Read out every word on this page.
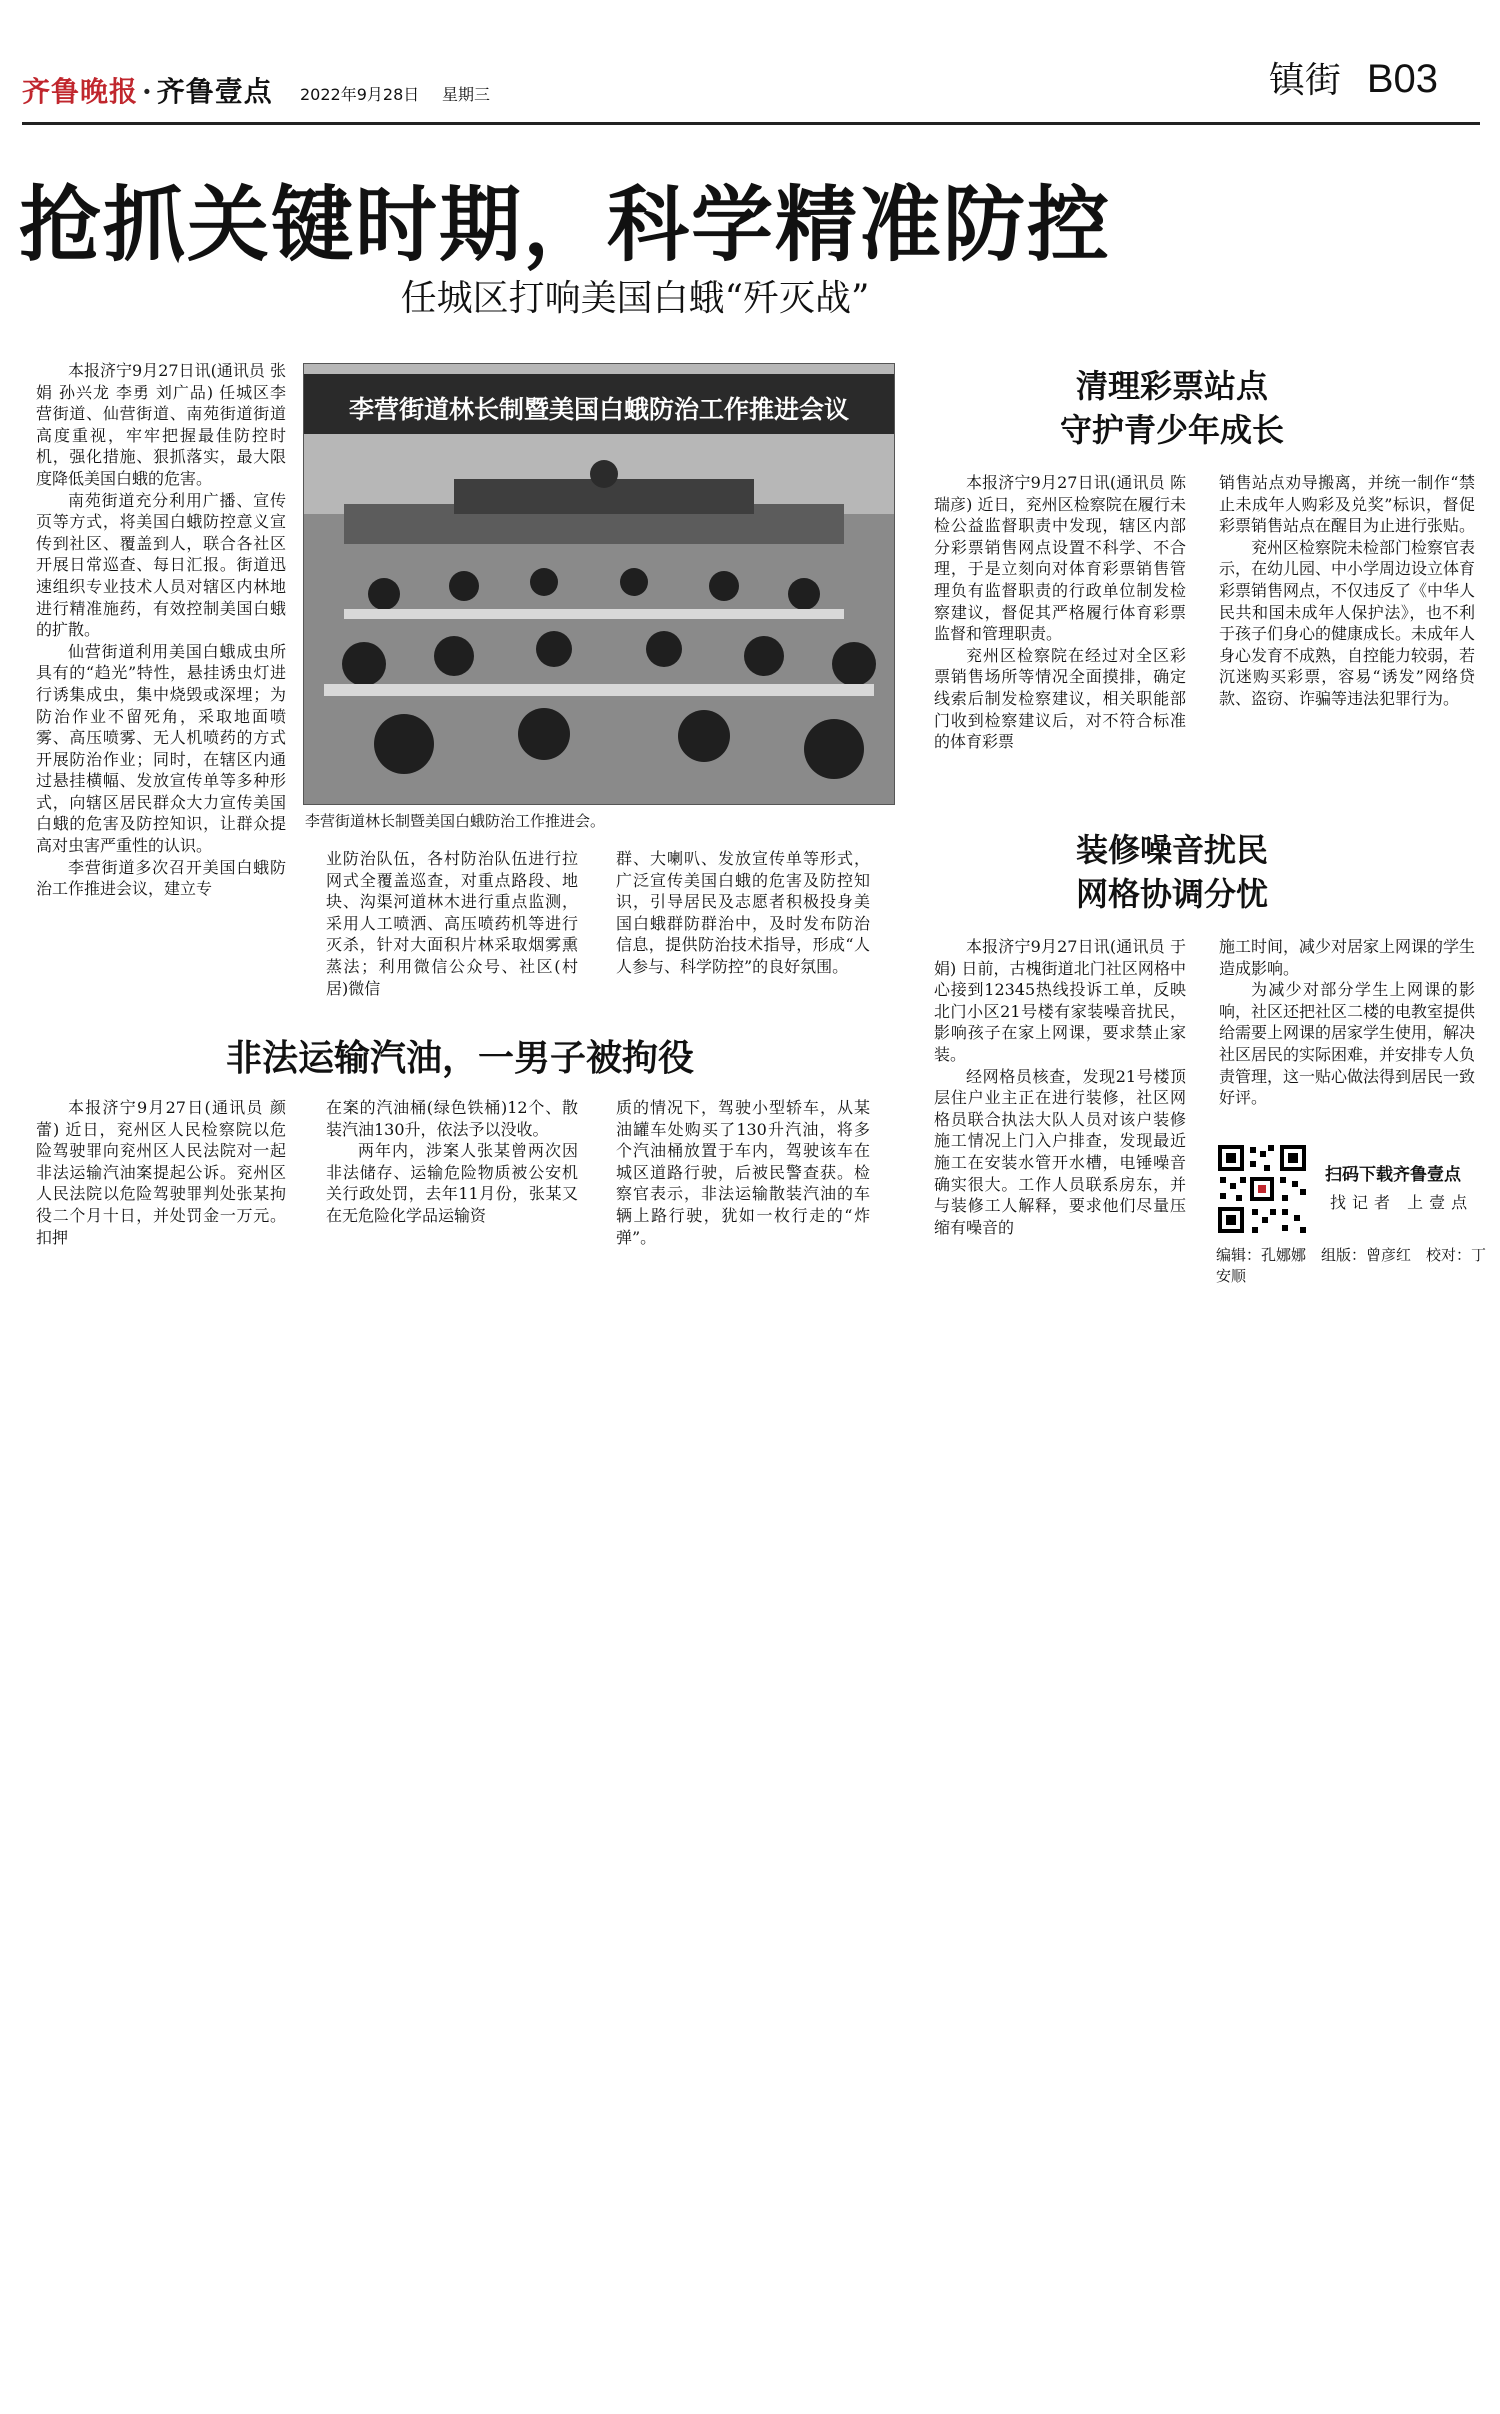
齐鲁晚报 · 齐鲁壹点 2022年9月28日 星期三	镇街 B03
抢抓关键时期，科学精准防控
任城区打响美国白蛾“歼灭战”

本报济宁9月27日讯(通讯员 张娟 孙兴龙 李勇 刘广品) 任城区李营街道、仙营街道、南苑街道街道高度重视，牢牢把握最佳防控时机，强化措施、狠抓落实，最大限度降低美国白蛾的危害。

南苑街道充分利用广播、宣传页等方式，将美国白蛾防控意义宣传到社区、覆盖到人，联合各社区开展日常巡查、每日汇报。街道迅速组织专业技术人员对辖区内林地进行精准施药，有效控制美国白蛾的扩散。

仙营街道利用美国白蛾成虫所具有的“趋光”特性，悬挂诱虫灯进行诱集成虫，集中烧毁或深埋；为防治作业不留死角，采取地面喷雾、高压喷雾、无人机喷药的方式开展防治作业；同时，在辖区内通过悬挂横幅、发放宣传单等多种形式，向辖区居民群众大力宣传美国白蛾的危害及防控知识，让群众提高对虫害严重性的认识。

李营街道多次召开美国白蛾防治工作推进会议，建立专

李营街道林长制暨美国白蛾防治工作推进会议
李营街道林长制暨美国白蛾防治工作推进会。

业防治队伍，各村防治队伍进行拉网式全覆盖巡查，对重点路段、地块、沟渠河道林木进行重点监测，采用人工喷洒、高压喷药机等进行灭杀，针对大面积片林采取烟雾熏蒸法；利用微信公众号、社区(村居)微信

群、大喇叭、发放宣传单等形式，广泛宣传美国白蛾的危害及防控知识，引导居民及志愿者积极投身美国白蛾群防群治中，及时发布防治信息，提供防治技术指导，形成“人人参与、科学防控”的良好氛围。

非法运输汽油，一男子被拘役

本报济宁9月27日(通讯员 颜蕾) 近日，兖州区人民检察院以危险驾驶罪向兖州区人民法院对一起非法运输汽油案提起公诉。兖州区人民法院以危险驾驶罪判处张某拘役二个月十日，并处罚金一万元。扣押

在案的汽油桶(绿色铁桶)12个、散装汽油130升，依法予以没收。

两年内，涉案人张某曾两次因非法储存、运输危险物质被公安机关行政处罚，去年11月份，张某又在无危险化学品运输资

质的情况下，驾驶小型轿车，从某油罐车处购买了130升汽油，将多个汽油桶放置于车内，驾驶该车在城区道路行驶，后被民警查获。检察官表示，非法运输散装汽油的车辆上路行驶，犹如一枚行走的“炸弹”。

清理彩票站点
守护青少年成长

本报济宁9月27日讯(通讯员 陈瑞彦) 近日，兖州区检察院在履行未检公益监督职责中发现，辖区内部分彩票销售网点设置不科学、不合理，于是立刻向对体育彩票销售管理负有监督职责的行政单位制发检察建议，督促其严格履行体育彩票监督和管理职责。

兖州区检察院在经过对全区彩票销售场所等情况全面摸排，确定线索后制发检察建议，相关职能部门收到检察建议后，对不符合标准的体育彩票

销售站点劝导搬离，并统一制作“禁止未成年人购彩及兑奖”标识，督促彩票销售站点在醒目为止进行张贴。

兖州区检察院未检部门检察官表示，在幼儿园、中小学周边设立体育彩票销售网点，不仅违反了《中华人民共和国未成年人保护法》，也不利于孩子们身心的健康成长。未成年人身心发育不成熟，自控能力较弱，若沉迷购买彩票，容易“诱发”网络贷款、盗窃、诈骗等违法犯罪行为。

装修噪音扰民
网格协调分忧

本报济宁9月27日讯(通讯员 于娟) 日前，古槐街道北门社区网格中心接到12345热线投诉工单，反映北门小区21号楼有家装噪音扰民，影响孩子在家上网课，要求禁止家装。

经网格员核查，发现21号楼顶层住户业主正在进行装修，社区网格员联合执法大队人员对该户装修施工情况上门入户排查，发现最近施工在安装水管开水槽，电锤噪音确实很大。工作人员联系房东，并与装修工人解释，要求他们尽量压缩有噪音的

施工时间，减少对居家上网课的学生造成影响。

为减少对部分学生上网课的影响，社区还把社区二楼的电教室提供给需要上网课的居家学生使用，解决社区居民的实际困难，并安排专人负责管理，这一贴心做法得到居民一致好评。

扫码下载齐鲁壹点
找记者 上壹点
编辑：孔娜娜　组版：曾彦红　校对：丁安顺
